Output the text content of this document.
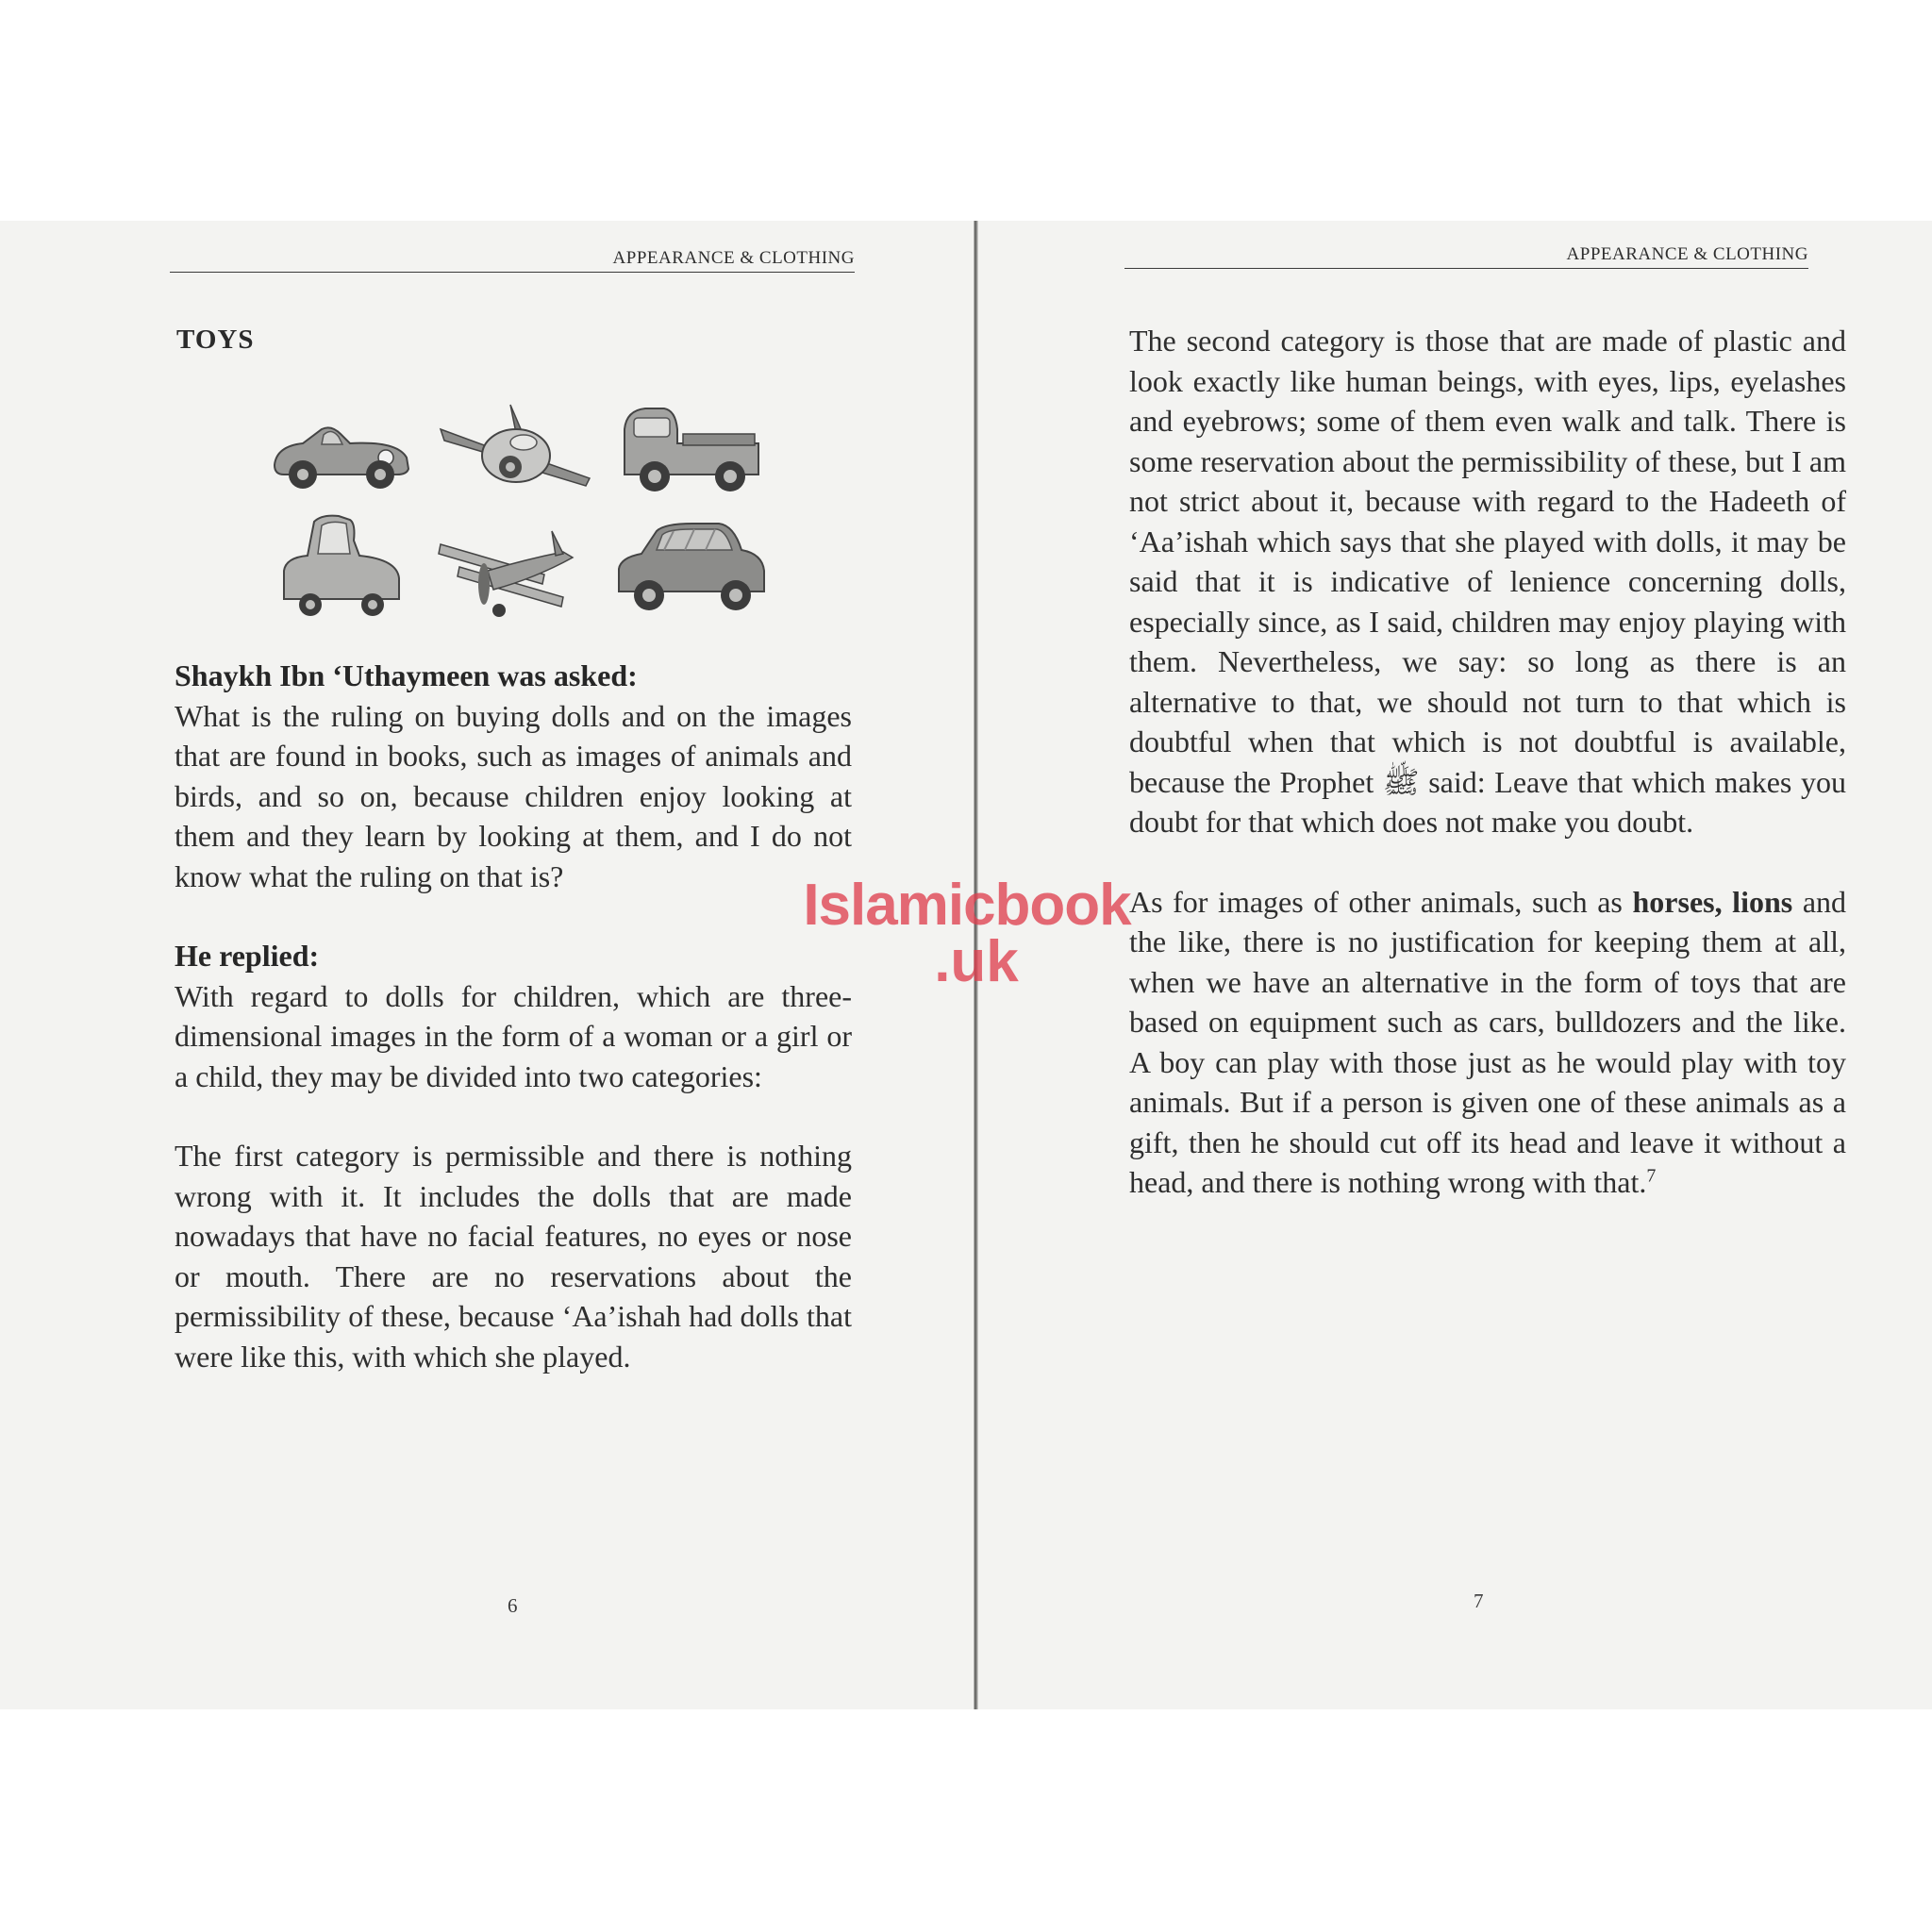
APPEARANCE & CLOTHING
TOYS

Shaykh Ibn ‘Uthaymeen was asked:

What is the ruling on buying dolls and on the images that are found in books, such as images of animals and birds, and so on, because children enjoy looking at them and they learn by looking at them, and I do not know what the ruling on that is?

He replied:

With regard to dolls for children, which are three-dimensional images in the form of a woman or a girl or a child, they may be divided into two categories:

The first category is permissible and there is nothing wrong with it. It includes the dolls that are made nowadays that have no facial features, no eyes or nose or mouth. There are no reservations about the permissibility of these, because ‘Aa’ishah had dolls that were like this, with which she played.

6
APPEARANCE & CLOTHING

The second category is those that are made of plastic and look exactly like human beings, with eyes, lips, eyelashes and eyebrows; some of them even walk and talk. There is some reservation about the permissibility of these, but I am not strict about it, because with regard to the Hadeeth of ‘Aa’ishah which says that she played with dolls, it may be said that it is indicative of lenience concerning dolls, especially since, as I said, children may enjoy playing with them. Nevertheless, we say: so long as there is an alternative to that, we should not turn to that which is doubtful when that which is not doubtful is available, because the Prophet ﷺ said: Leave that which makes you doubt for that which does not make you doubt.

As for images of other animals, such as horses, lions and the like, there is no justification for keeping them at all, when we have an alternative in the form of toys that are based on equipment such as cars, bulldozers and the like. A boy can play with those just as he would play with toy animals. But if a person is given one of these animals as a gift, then he should cut off its head and leave it without a head, and there is nothing wrong with that.$^7$

7
Islamicbook
.uk
